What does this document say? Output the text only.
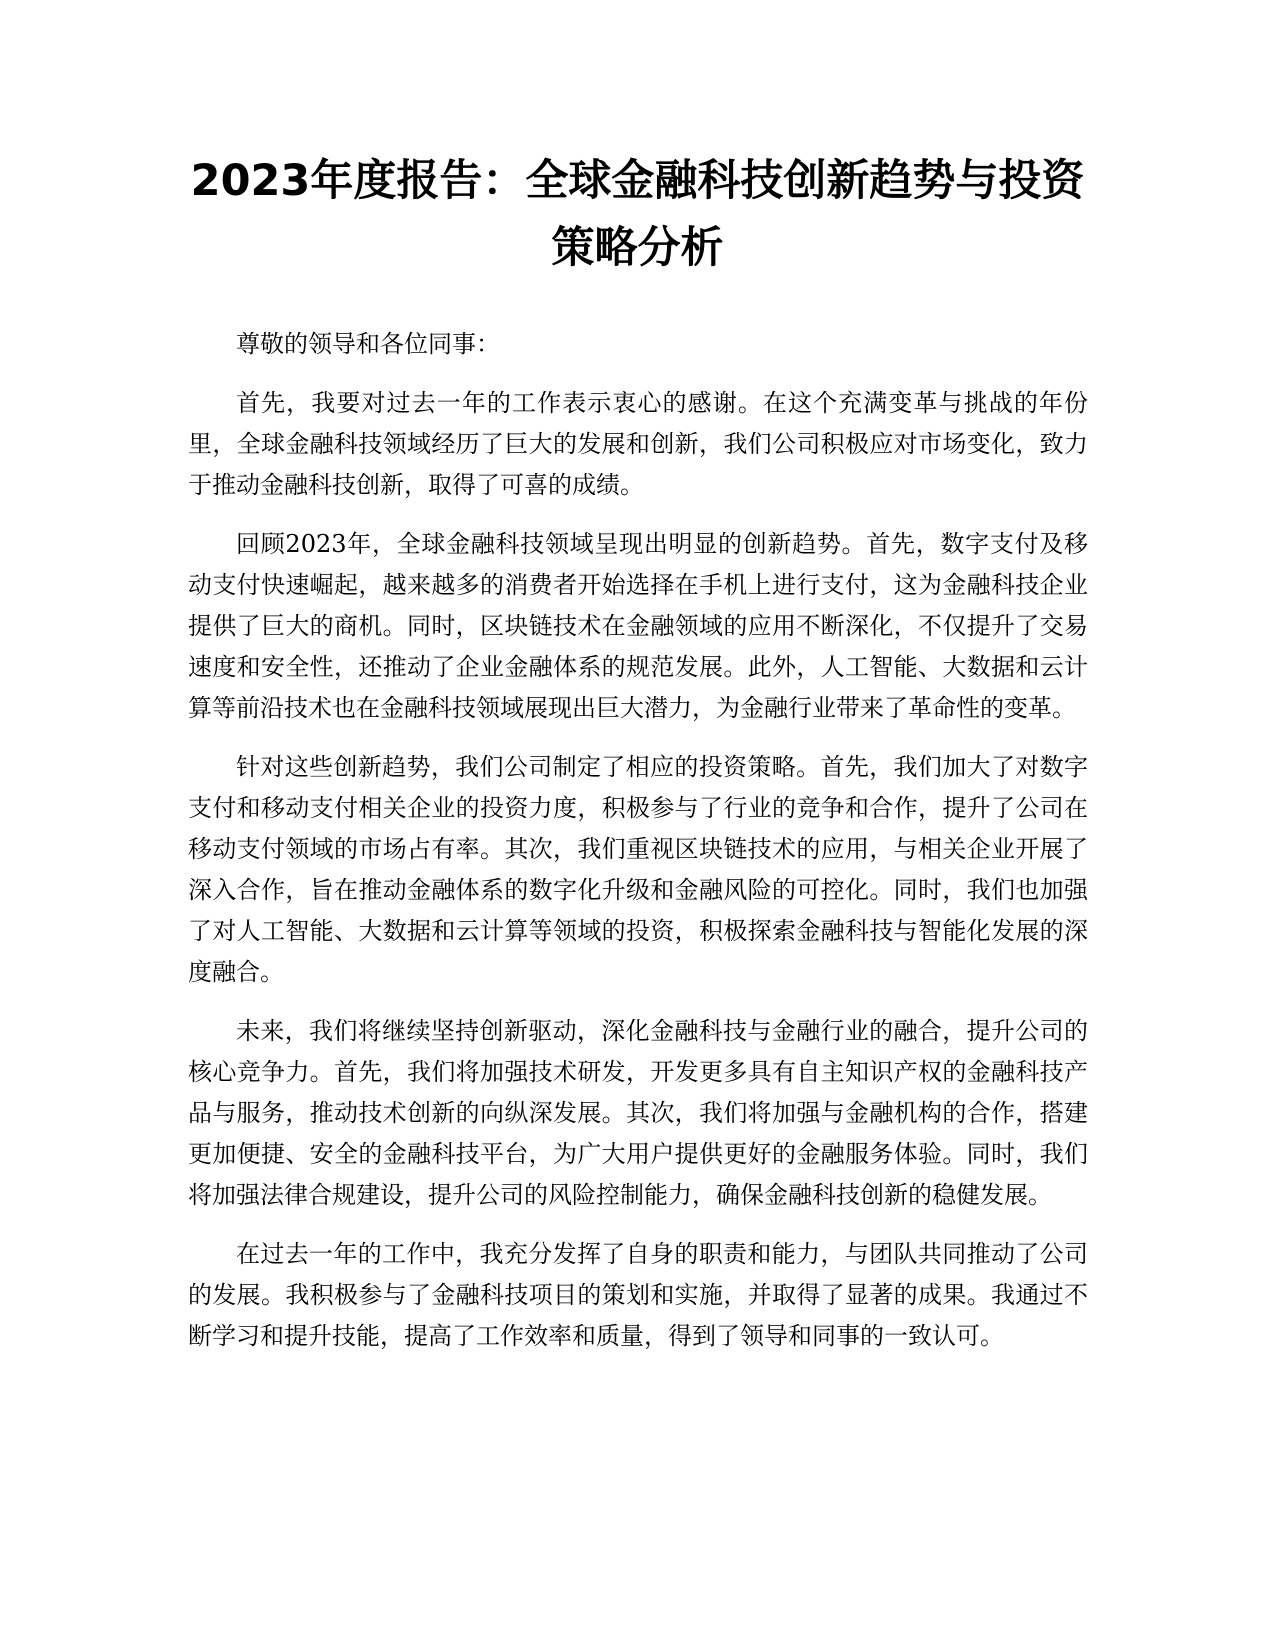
2023年度报告：全球金融科技创新趋势与投资策略分析

尊敬的领导和各位同事：

首先，我要对过去一年的工作表示衷心的感谢。在这个充满变革与挑战的年份里，全球金融科技领域经历了巨大的发展和创新，我们公司积极应对市场变化，致力于推动金融科技创新，取得了可喜的成绩。

回顾2023年，全球金融科技领域呈现出明显的创新趋势。首先，数字支付及移动支付快速崛起，越来越多的消费者开始选择在手机上进行支付，这为金融科技企业提供了巨大的商机。同时，区块链技术在金融领域的应用不断深化，不仅提升了交易速度和安全性，还推动了企业金融体系的规范发展。此外，人工智能、大数据和云计算等前沿技术也在金融科技领域展现出巨大潜力，为金融行业带来了革命性的变革。

针对这些创新趋势，我们公司制定了相应的投资策略。首先，我们加大了对数字支付和移动支付相关企业的投资力度，积极参与了行业的竞争和合作，提升了公司在移动支付领域的市场占有率。其次，我们重视区块链技术的应用，与相关企业开展了深入合作，旨在推动金融体系的数字化升级和金融风险的可控化。同时，我们也加强了对人工智能、大数据和云计算等领域的投资，积极探索金融科技与智能化发展的深度融合。

未来，我们将继续坚持创新驱动，深化金融科技与金融行业的融合，提升公司的核心竞争力。首先，我们将加强技术研发，开发更多具有自主知识产权的金融科技产品与服务，推动技术创新的向纵深发展。其次，我们将加强与金融机构的合作，搭建更加便捷、安全的金融科技平台，为广大用户提供更好的金融服务体验。同时，我们将加强法律合规建设，提升公司的风险控制能力，确保金融科技创新的稳健发展。

在过去一年的工作中，我充分发挥了自身的职责和能力，与团队共同推动了公司的发展。我积极参与了金融科技项目的策划和实施，并取得了显著的成果。我通过不断学习和提升技能，提高了工作效率和质量，得到了领导和同事的一致认可。
